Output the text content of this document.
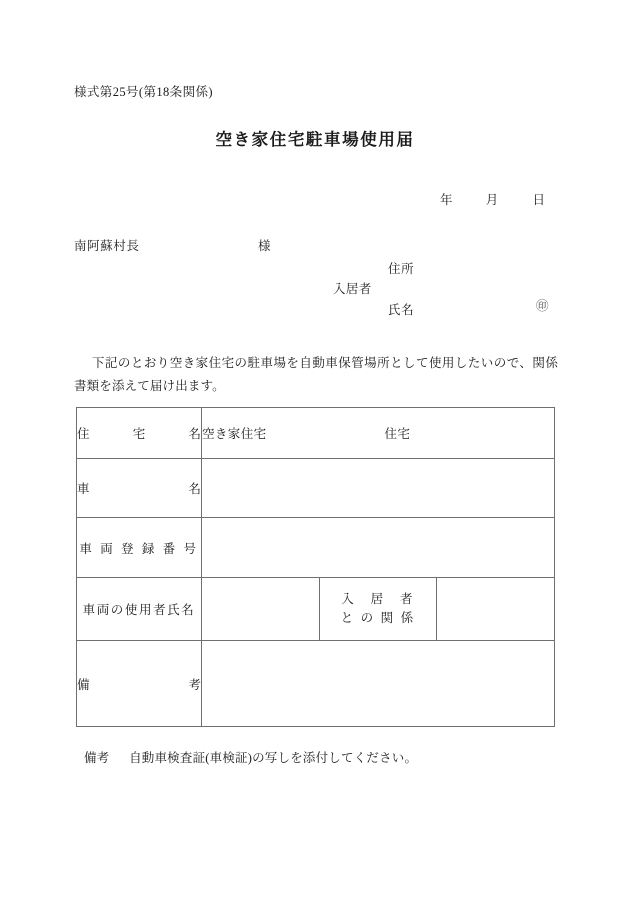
様式第25号(第18条関係)
空き家住宅駐車場使用届
年	月	日
南阿蘇村長	様
入居者
住所
氏名	㊞
下記のとおり空き家住宅の駐車場を自動車保管場所として使用したいので、関係書類を添えて届け出ます。
住 宅 名	空き家住宅 住宅		

車 名			

車 両 登 録 番 号			

車両の使用者氏名		入　居　者
と の 関 係	

備 考			

備考 自動車検査証(車検証)の写しを添付してください。
